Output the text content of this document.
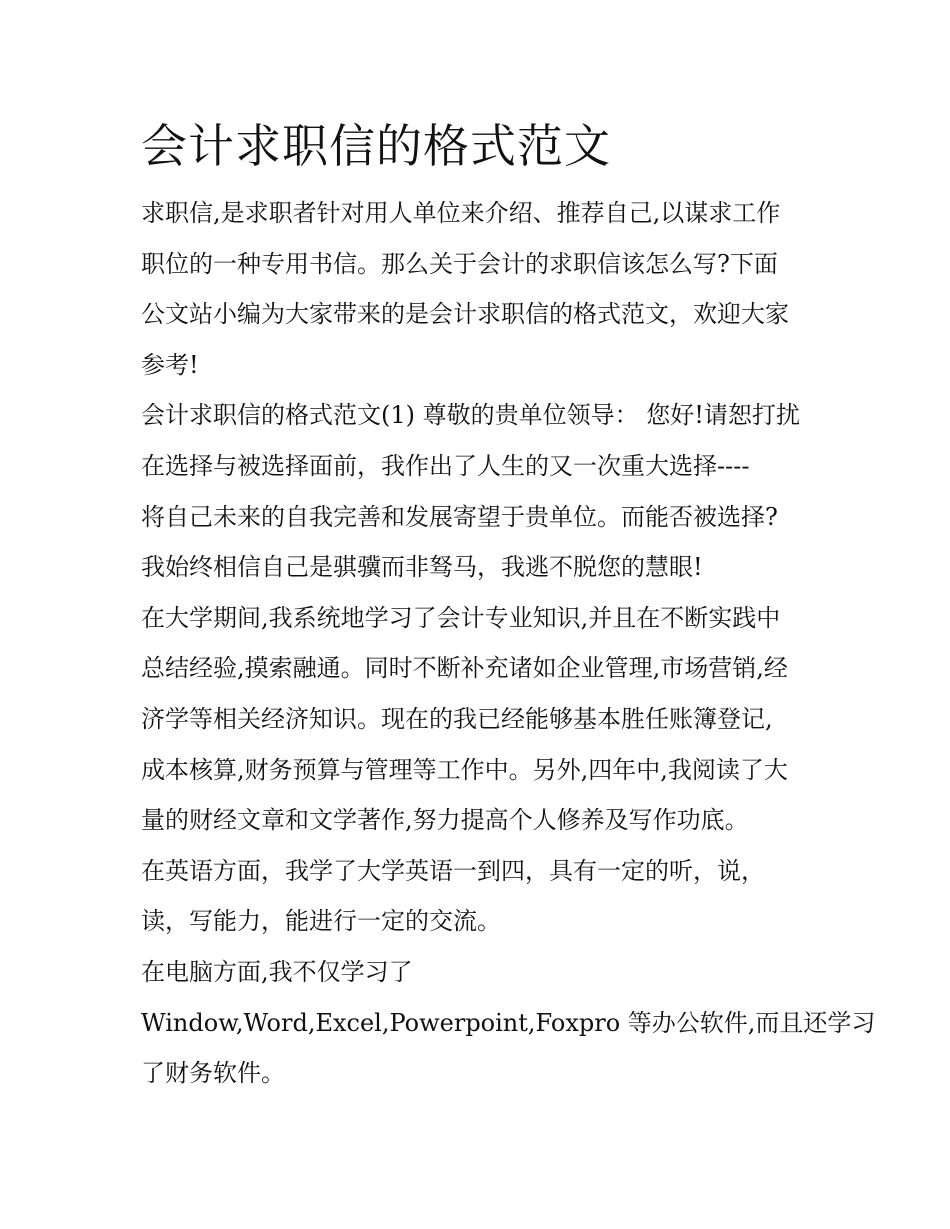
会计求职信的格式范文

求职信,是求职者针对用人单位来介绍、推荐自己,以谋求工作

职位的一种专用书信。那么关于会计的求职信该怎么写?下面

公文站小编为大家带来的是会计求职信的格式范文，欢迎大家

参考!

会计求职信的格式范文(1) 尊敬的贵单位领导： 您好!请恕打扰

在选择与被选择面前，我作出了人生的又一次重大选择----

将自己未来的自我完善和发展寄望于贵单位。而能否被选择?

我始终相信自己是骐骥而非驽马，我逃不脱您的慧眼!

在大学期间,我系统地学习了会计专业知识,并且在不断实践中

总结经验,摸索融通。同时不断补充诸如企业管理,市场营销,经

济学等相关经济知识。现在的我已经能够基本胜任账簿登记,

成本核算,财务预算与管理等工作中。另外,四年中,我阅读了大

量的财经文章和文学著作,努力提高个人修养及写作功底。

在英语方面，我学了大学英语一到四，具有一定的听，说，

读，写能力，能进行一定的交流。

在电脑方面,我不仅学习了

Window,Word,Excel,Powerpoint,Foxpro 等办公软件,而且还学习

了财务软件。
